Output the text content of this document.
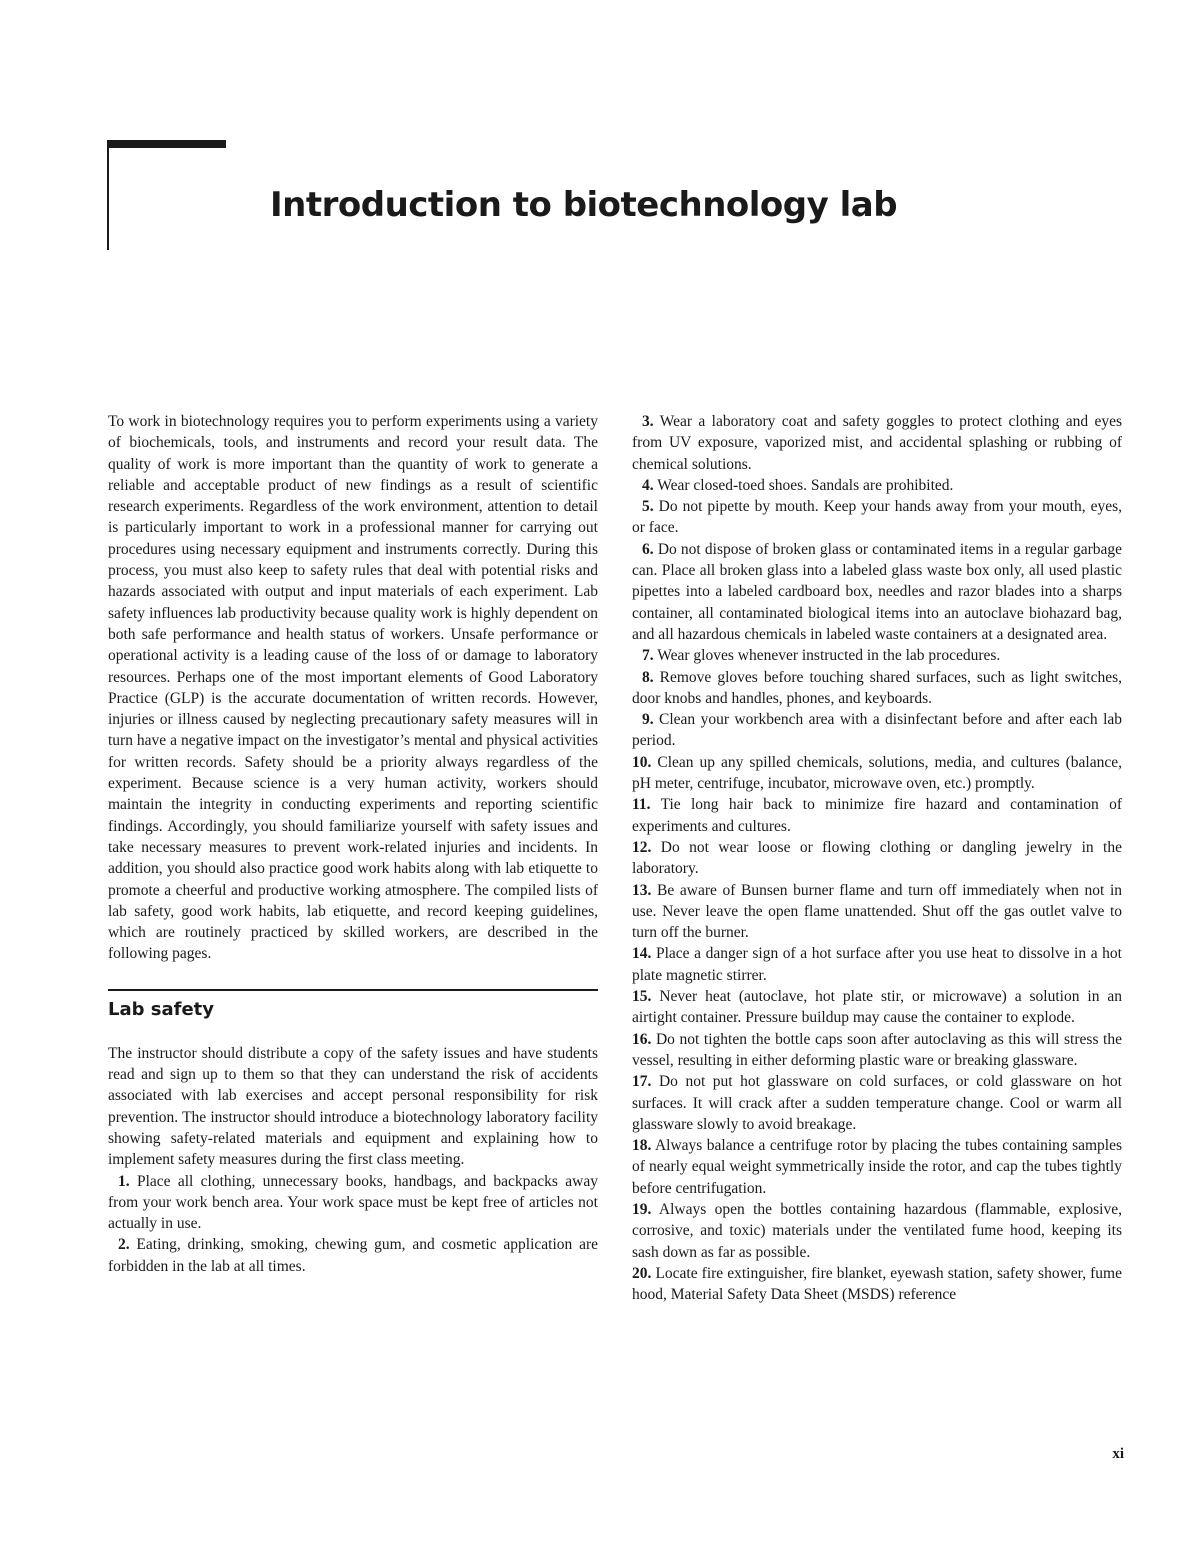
Introduction to biotechnology lab

To work in biotechnology requires you to perform experiments using a variety of biochemicals, tools, and instruments and record your result data. The quality of work is more important than the quantity of work to generate a reliable and acceptable product of new findings as a result of scientific research experiments. Regardless of the work environment, attention to detail is particularly important to work in a professional manner for carrying out procedures using necessary equipment and instruments correctly. During this process, you must also keep to safety rules that deal with potential risks and hazards associated with output and input materials of each experiment. Lab safety influences lab productivity because quality work is highly dependent on both safe performance and health status of workers. Unsafe performance or operational activity is a leading cause of the loss of or damage to laboratory resources. Perhaps one of the most important elements of Good Laboratory Practice (GLP) is the accurate documentation of written records. However, injuries or illness caused by neglecting precautionary safety measures will in turn have a negative impact on the investigator’s mental and physical activities for written records. Safety should be a priority always regardless of the experiment. Because science is a very human activity, workers should maintain the integrity in conducting experiments and reporting scientific findings. Accordingly, you should familiarize yourself with safety issues and take necessary measures to prevent work-related injuries and incidents. In addition, you should also practice good work habits along with lab etiquette to promote a cheerful and productive working atmosphere. The compiled lists of lab safety, good work habits, lab etiquette, and record keeping guidelines, which are routinely practiced by skilled workers, are described in the following pages.

Lab safety

The instructor should distribute a copy of the safety issues and have students read and sign up to them so that they can understand the risk of accidents associated with lab exercises and accept personal responsibility for risk prevention. The instructor should introduce a biotechnology laboratory facility showing safety-related materials and equipment and explaining how to implement safety measures during the first class meeting.

1. Place all clothing, unnecessary books, handbags, and backpacks away from your work bench area. Your work space must be kept free of articles not actually in use.

2. Eating, drinking, smoking, chewing gum, and cosmetic application are forbidden in the lab at all times.

3. Wear a laboratory coat and safety goggles to protect clothing and eyes from UV exposure, vaporized mist, and accidental splashing or rubbing of chemical solutions.

4. Wear closed-toed shoes. Sandals are prohibited.

5. Do not pipette by mouth. Keep your hands away from your mouth, eyes, or face.

6. Do not dispose of broken glass or contaminated items in a regular garbage can. Place all broken glass into a labeled glass waste box only, all used plastic pipettes into a labeled cardboard box, needles and razor blades into a sharps container, all contaminated biological items into an autoclave biohazard bag, and all hazardous chemicals in labeled waste containers at a designated area.

7. Wear gloves whenever instructed in the lab procedures.

8. Remove gloves before touching shared surfaces, such as light switches, door knobs and handles, phones, and keyboards.

9. Clean your workbench area with a disinfectant before and after each lab period.

10. Clean up any spilled chemicals, solutions, media, and cultures (balance, pH meter, centrifuge, incubator, microwave oven, etc.) promptly.

11. Tie long hair back to minimize fire hazard and contamination of experiments and cultures.

12. Do not wear loose or flowing clothing or dangling jewelry in the laboratory.

13. Be aware of Bunsen burner flame and turn off immediately when not in use. Never leave the open flame unattended. Shut off the gas outlet valve to turn off the burner.

14. Place a danger sign of a hot surface after you use heat to dissolve in a hot plate magnetic stirrer.

15. Never heat (autoclave, hot plate stir, or microwave) a solution in an airtight container. Pressure buildup may cause the container to explode.

16. Do not tighten the bottle caps soon after autoclaving as this will stress the vessel, resulting in either deforming plastic ware or breaking glassware.

17. Do not put hot glassware on cold surfaces, or cold glassware on hot surfaces. It will crack after a sudden temperature change. Cool or warm all glassware slowly to avoid breakage.

18. Always balance a centrifuge rotor by placing the tubes containing samples of nearly equal weight symmetrically inside the rotor, and cap the tubes tightly before centrifugation.

19. Always open the bottles containing hazardous (flammable, explosive, corrosive, and toxic) materials under the ventilated fume hood, keeping its sash down as far as possible.

20. Locate fire extinguisher, fire blanket, eyewash station, safety shower, fume hood, Material Safety Data Sheet (MSDS) reference

xi
